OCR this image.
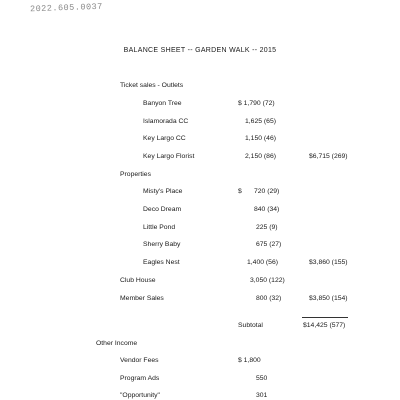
2022.605.0037
BALANCE SHEET -- GARDEN WALK -- 2015
Ticket sales - Outlets
Banyon Tree	$ 1,790 (72)
Islamorada CC	1,625 (65)
Key Largo CC	1,150 (46)
Key Largo Florist	2,150 (86)	$6,715 (269)
Properties
Misty's Place	$ 720 (29)
Deco Dream	840 (34)
Little Pond	225 (9)
Sherry Baby	675 (27)
Eagles Nest	1,400 (56)	$3,860 (155)
Club House	3,050 (122)
Member Sales	800 (32)	$3,850 (154)
Subtotal	$14,425 (577)
Other Income
Vendor Fees	$ 1,800
Program Ads	550
"Opportunity"	301
